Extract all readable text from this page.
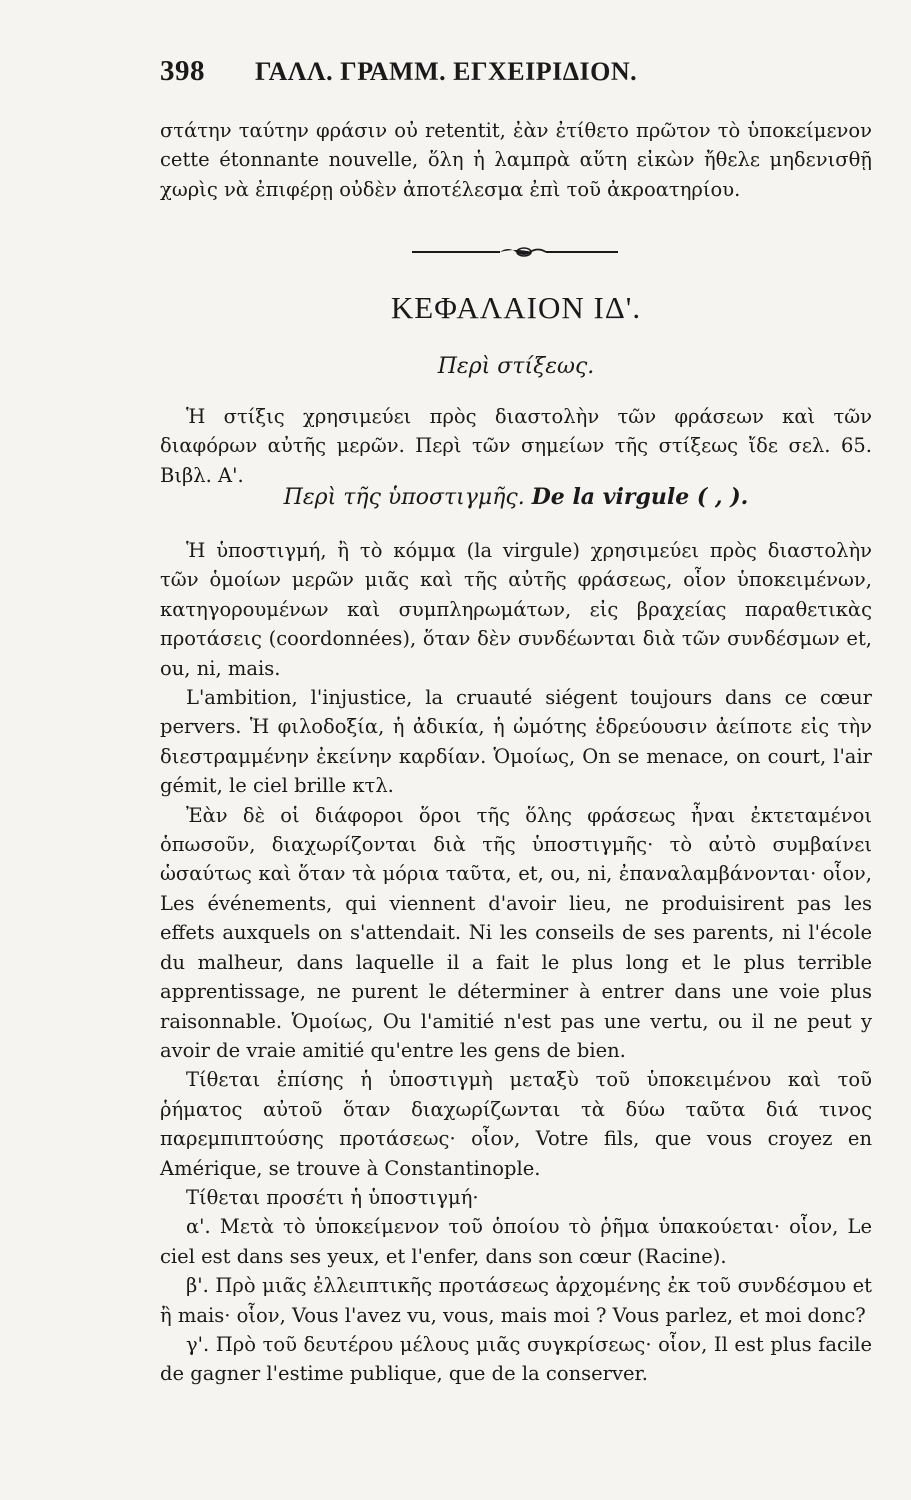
398 ΓΑΛΛ. ΓΡΑΜΜ. ΕΓΧΕΙΡΙΔΙΟΝ.

στάτην ταύτην φράσιν οὐ retentit, ἐὰν ἐτίθετο πρῶτον τὸ ὑποκείμενον cette étonnante nouvelle, ὅλη ἡ λαμπρὰ αὕτη εἰκὼν ἤθελε μηδενισθῇ χωρὶς νὰ ἐπιφέρῃ οὐδὲν ἀποτέλεσμα ἐπὶ τοῦ ἀκροατηρίου.

ΚΕΦΑΛΑΙΟΝ ΙΔ'.
Περὶ στίξεως.

Ἡ στίξις χρησιμεύει πρὸς διαστολὴν τῶν φράσεων καὶ τῶν διαφόρων αὐτῆς μερῶν. Περὶ τῶν σημείων τῆς στίξεως ἴδε σελ. 65. Βιβλ. Α'.

Περὶ τῆς ὑποστιγμῆς. De la virgule ( , ).

Ἡ ὑποστιγμή, ἢ τὸ κόμμα (la virgule) χρησιμεύει πρὸς διαστολὴν τῶν ὁμοίων μερῶν μιᾶς καὶ τῆς αὐτῆς φράσεως, οἷον ὑποκειμένων, κατηγορουμένων καὶ συμπληρωμάτων, εἰς βραχείας παραθετικὰς προτάσεις (coordonnées), ὅταν δὲν συνδέωνται διὰ τῶν συνδέσμων et, ou, ni, mais.

L'ambition, l'injustice, la cruauté siégent toujours dans ce cœur pervers. Ἡ φιλοδοξία, ἡ ἀδικία, ἡ ὠμότης ἑδρεύουσιν ἀείποτε εἰς τὴν διεστραμμένην ἐκείνην καρδίαν. Ὁμοίως, On se menace, on court, l'air gémit, le ciel brille κτλ.

Ἐὰν δὲ οἱ διάφοροι ὅροι τῆς ὅλης φράσεως ἦναι ἐκτεταμένοι ὁπωσοῦν, διαχωρίζονται διὰ τῆς ὑποστιγμῆς· τὸ αὐτὸ συμβαίνει ὡσαύτως καὶ ὅταν τὰ μόρια ταῦτα, et, ou, ni, ἐπαναλαμβάνονται· οἷον, Les événements, qui viennent d'avoir lieu, ne produisirent pas les effets auxquels on s'attendait. Ni les conseils de ses parents, ni l'école du malheur, dans laquelle il a fait le plus long et le plus terrible apprentissage, ne purent le déterminer à entrer dans une voie plus raisonnable. Ὁμοίως, Ou l'amitié n'est pas une vertu, ou il ne peut y avoir de vraie amitié qu'entre les gens de bien.

Τίθεται ἐπίσης ἡ ὑποστιγμὴ μεταξὺ τοῦ ὑποκειμένου καὶ τοῦ ῥήματος αὐτοῦ ὅταν διαχωρίζωνται τὰ δύω ταῦτα διά τινος παρεμπιπτούσης προτάσεως· οἷον, Votre fils, que vous croyez en Amérique, se trouve à Constantinople.

Τίθεται προσέτι ἡ ὑποστιγμή·

α'. Μετὰ τὸ ὑποκείμενον τοῦ ὁποίου τὸ ῥῆμα ὑπακούεται· οἷον, Le ciel est dans ses yeux, et l'enfer, dans son cœur (Racine).

β'. Πρὸ μιᾶς ἐλλειπτικῆς προτάσεως ἀρχομένης ἐκ τοῦ συνδέσμου et ἢ mais· οἷον, Vous l'avez vu, vous, mais moi ? Vous parlez, et moi donc?

γ'. Πρὸ τοῦ δευτέρου μέλους μιᾶς συγκρίσεως· οἷον, Il est plus facile de gagner l'estime publique, que de la conserver.
